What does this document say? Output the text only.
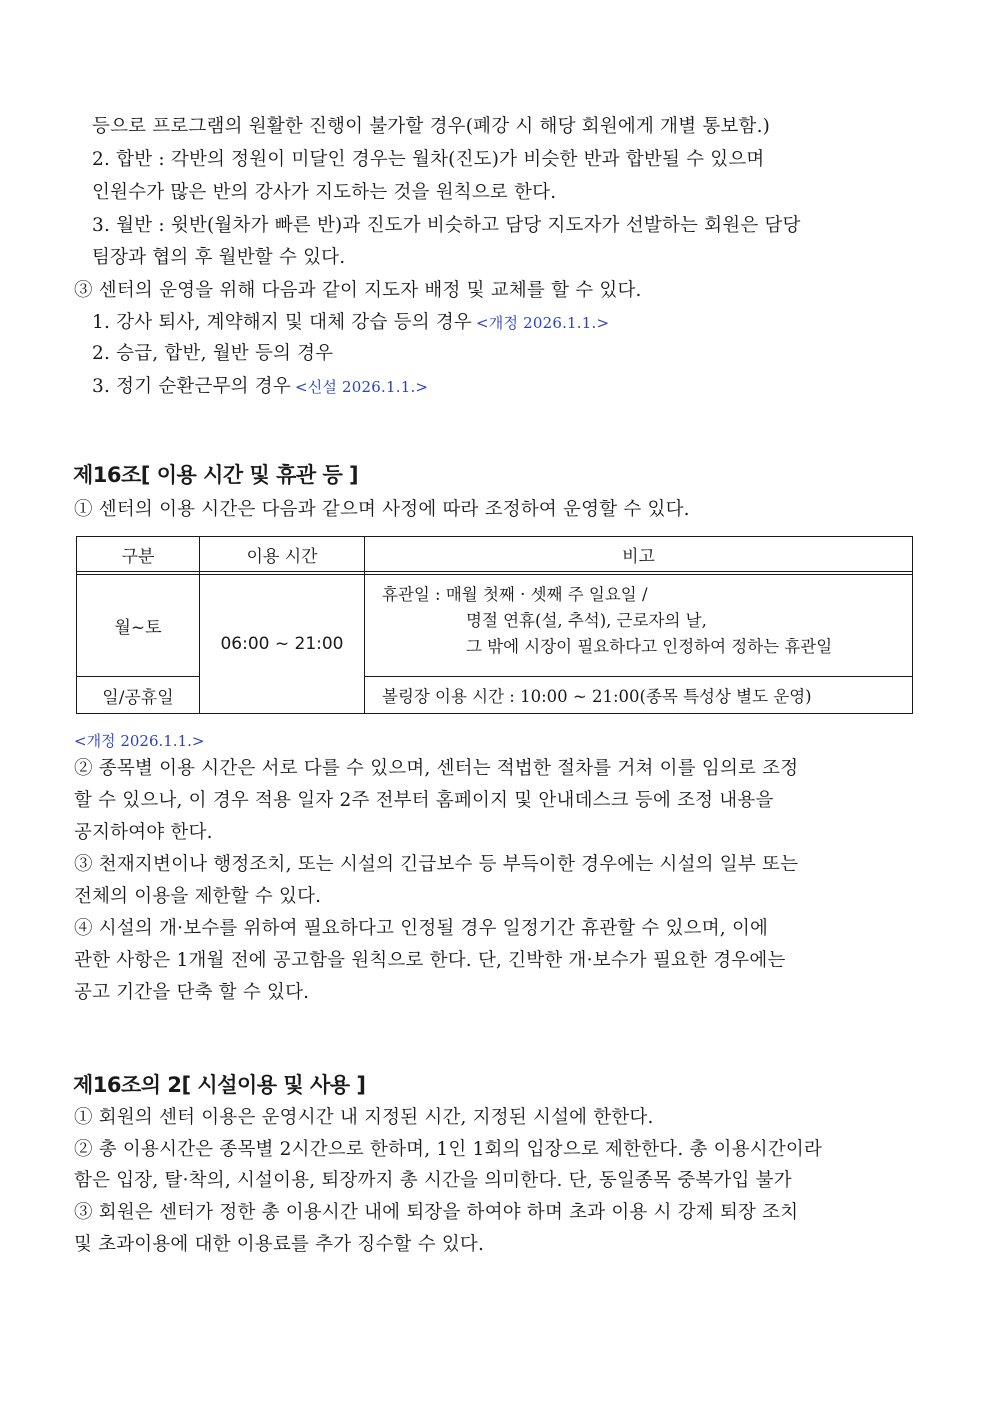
등으로 프로그램의 원활한 진행이 불가할 경우(폐강 시 해당 회원에게 개별 통보함.)
2. 합반 : 각반의 정원이 미달인 경우는 월차(진도)가 비슷한 반과 합반될 수 있으며
인원수가 많은 반의 강사가 지도하는 것을 원칙으로 한다.
3. 월반 : 윗반(월차가 빠른 반)과 진도가 비슷하고 담당 지도자가 선발하는 회원은 담당
팀장과 협의 후 월반할 수 있다.
③ 센터의 운영을 위해 다음과 같이 지도자 배정 및 교체를 할 수 있다.
1. 강사 퇴사, 계약해지 및 대체 강습 등의 경우 <개정 2026.1.1.>
2. 승급, 합반, 월반 등의 경우
3. 정기 순환근무의 경우 <신설 2026.1.1.>
제16조[ 이용 시간 및 휴관 등 ]
① 센터의 이용 시간은 다음과 같으며 사정에 따라 조정하여 운영할 수 있다.
구분	이용 시간	비고
월~토
일/공휴일
06:00 ~ 21:00
휴관일 : 매월 첫째 · 셋째 주 일요일 /
명절 연휴(설, 추석), 근로자의 날,
그 밖에 시장이 필요하다고 인정하여 정하는 휴관일
볼링장 이용 시간 : 10:00 ~ 21:00(종목 특성상 별도 운영)
<개정 2026.1.1.>
② 종목별 이용 시간은 서로 다를 수 있으며, 센터는 적법한 절차를 거쳐 이를 임의로 조정
할 수 있으나, 이 경우 적용 일자 2주 전부터 홈페이지 및 안내데스크 등에 조정 내용을
공지하여야 한다.
③ 천재지변이나 행정조치, 또는 시설의 긴급보수 등 부득이한 경우에는 시설의 일부 또는
전체의 이용을 제한할 수 있다.
④ 시설의 개·보수를 위하여 필요하다고 인정될 경우 일정기간 휴관할 수 있으며, 이에
관한 사항은 1개월 전에 공고함을 원칙으로 한다. 단, 긴박한 개·보수가 필요한 경우에는
공고 기간을 단축 할 수 있다.
제16조의 2[ 시설이용 및 사용 ]
① 회원의 센터 이용은 운영시간 내 지정된 시간, 지정된 시설에 한한다.
② 총 이용시간은 종목별 2시간으로 한하며, 1인 1회의 입장으로 제한한다. 총 이용시간이라
함은 입장, 탈·착의, 시설이용, 퇴장까지 총 시간을 의미한다. 단, 동일종목 중복가입 불가
③ 회원은 센터가 정한 총 이용시간 내에 퇴장을 하여야 하며 초과 이용 시 강제 퇴장 조치
및 초과이용에 대한 이용료를 추가 징수할 수 있다.
